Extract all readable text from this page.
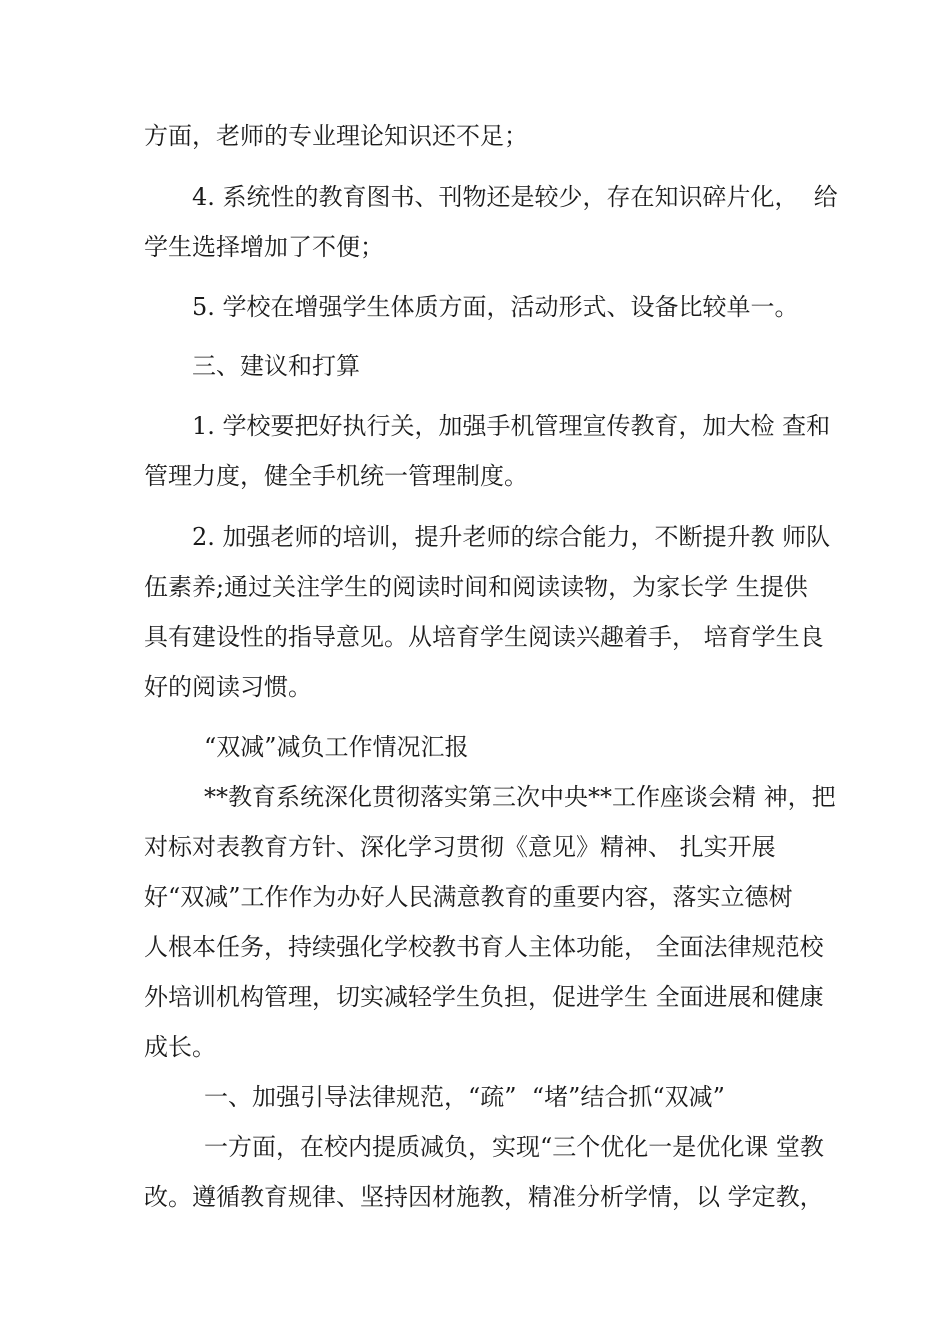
方面，老师的专业理论知识还不足；
4. 系统性的教育图书、刊物还是较少，存在知识碎片化，  给
学生选择增加了不便；
5. 学校在增强学生体质方面，活动形式、设备比较单一。
三、建议和打算
1. 学校要把好执行关，加强手机管理宣传教育，加大检 查和
管理力度，健全手机统一管理制度。
2. 加强老师的培训，提升老师的综合能力，不断提升教 师队
伍素养;通过关注学生的阅读时间和阅读读物，为家长学 生提供
具有建设性的指导意见。从培育学生阅读兴趣着手， 培育学生良
好的阅读习惯。
“双减”减负工作情况汇报
**教育系统深化贯彻落实第三次中央**工作座谈会精 神，把
对标对表教育方针、深化学习贯彻《意见》精神、 扎实开展
好“双减”工作作为办好人民满意教育的重要内容，落实立德树
人根本任务，持续强化学校教书育人主体功能， 全面法律规范校
外培训机构管理，切实减轻学生负担，促进学生 全面进展和健康
成长。
一、加强引导法律规范，“疏”  “堵”结合抓“双减”
一方面，在校内提质减负，实现“三个优化一是优化课 堂教
改。遵循教育规律、坚持因材施教，精准分析学情，以 学定教，
